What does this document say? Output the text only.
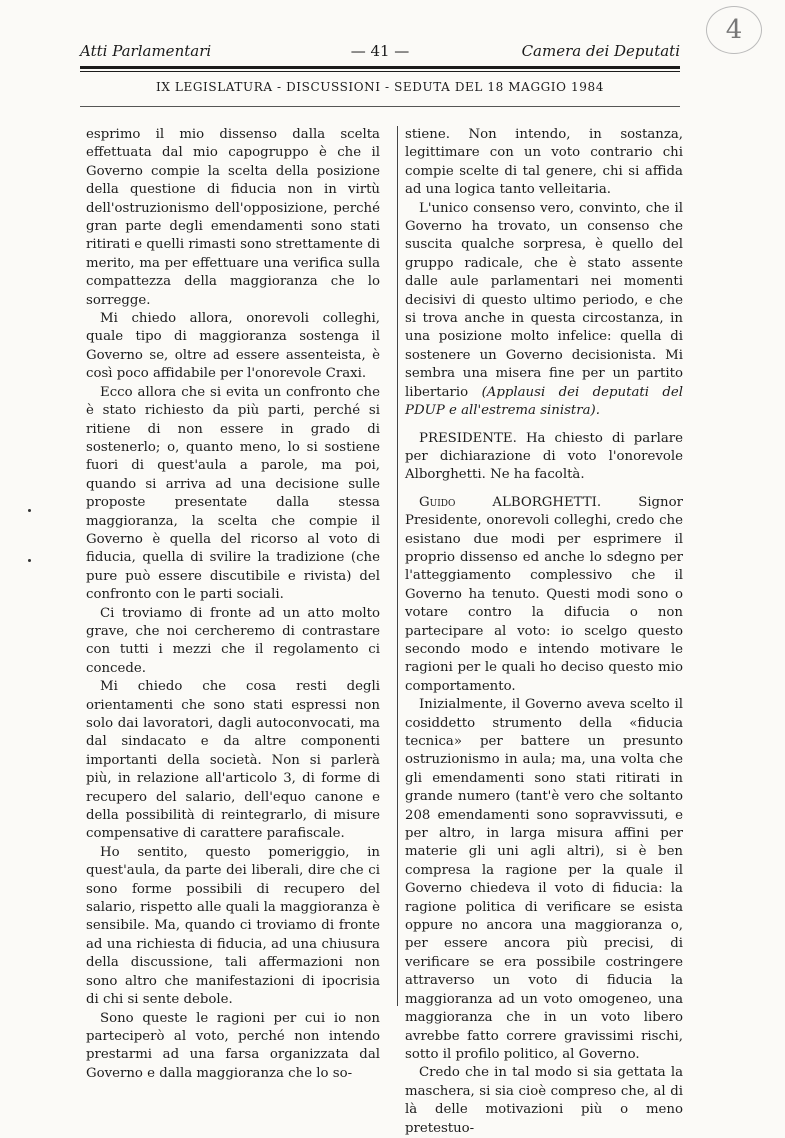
4
Atti Parlamentari	— 41 —	Camera dei Deputati
IX LEGISLATURA - DISCUSSIONI - SEDUTA DEL 18 MAGGIO 1984

esprimo il mio dissenso dalla scelta effettuata dal mio capogruppo è che il Governo compie la scelta della posizione della questione di fiducia non in virtù dell'ostruzionismo dell'opposizione, perché gran parte degli emendamenti sono stati ritirati e quelli rimasti sono strettamente di merito, ma per effettuare una verifica sulla compattezza della maggioranza che lo sorregge.

Mi chiedo allora, onorevoli colleghi, quale tipo di maggioranza sostenga il Governo se, oltre ad essere assenteista, è così poco affidabile per l'onorevole Craxi.

Ecco allora che si evita un confronto che è stato richiesto da più parti, perché si ritiene di non essere in grado di sostenerlo; o, quanto meno, lo si sostiene fuori di quest'aula a parole, ma poi, quando si arriva ad una decisione sulle proposte presentate dalla stessa maggioranza, la scelta che compie il Governo è quella del ricorso al voto di fiducia, quella di svilire la tradizione (che pure può essere discutibile e rivista) del confronto con le parti sociali.

Ci troviamo di fronte ad un atto molto grave, che noi cercheremo di contrastare con tutti i mezzi che il regolamento ci concede.

Mi chiedo che cosa resti degli orientamenti che sono stati espressi non solo dai lavoratori, dagli autoconvocati, ma dal sindacato e da altre componenti importanti della società. Non si parlerà più, in relazione all'articolo 3, di forme di recupero del salario, dell'equo canone e della possibilità di reintegrarlo, di misure compensative di carattere parafiscale.

Ho sentito, questo pomeriggio, in quest'aula, da parte dei liberali, dire che ci sono forme possibili di recupero del salario, rispetto alle quali la maggioranza è sensibile. Ma, quando ci troviamo di fronte ad una richiesta di fiducia, ad una chiusura della discussione, tali affermazioni non sono altro che manifestazioni di ipocrisia di chi si sente debole.

Sono queste le ragioni per cui io non parteciperò al voto, perché non intendo prestarmi ad una farsa organizzata dal Governo e dalla maggioranza che lo so-

stiene. Non intendo, in sostanza, legittimare con un voto contrario chi compie scelte di tal genere, chi si affida ad una logica tanto velleitaria.

L'unico consenso vero, convinto, che il Governo ha trovato, un consenso che suscita qualche sorpresa, è quello del gruppo radicale, che è stato assente dalle aule parlamentari nei momenti decisivi di questo ultimo periodo, e che si trova anche in questa circostanza, in una posizione molto infelice: quella di sostenere un Governo decisionista. Mi sembra una misera fine per un partito libertario (Applausi dei deputati del PDUP e all'estrema sinistra).

PRESIDENTE. Ha chiesto di parlare per dichiarazione di voto l'onorevole Alborghetti. Ne ha facoltà.

Guido	ALBORGHETTI.	Signor Presidente, onorevoli colleghi, credo che esistano due modi per esprimere il proprio dissenso ed anche lo sdegno per l'atteggiamento complessivo che il Governo ha tenuto. Questi modi sono o votare contro la difucia o non partecipare al voto: io scelgo questo secondo modo e intendo motivare le ragioni per le quali ho deciso questo mio comportamento.

Inizialmente, il Governo aveva scelto il cosiddetto strumento della «fiducia tecnica» per battere un presunto ostruzionismo in aula; ma, una volta che gli emendamenti sono stati ritirati in grande numero (tant'è vero che soltanto 208 emendamenti sono sopravvissuti, e per altro, in larga misura affini per materie gli uni agli altri), si è ben compresa la ragione per la quale il Governo chiedeva il voto di fiducia: la ragione politica di verificare se esista oppure no ancora una maggioranza o, per essere ancora più precisi, di verificare se era possibile costringere attraverso un voto di fiducia la maggioranza ad un voto omogeneo, una maggioranza che in un voto libero avrebbe fatto correre gravissimi rischi, sotto il profilo politico, al Governo.

Credo che in tal modo si sia gettata la maschera, si sia cioè compreso che, al di là delle motivazioni più o meno pretestuo-
